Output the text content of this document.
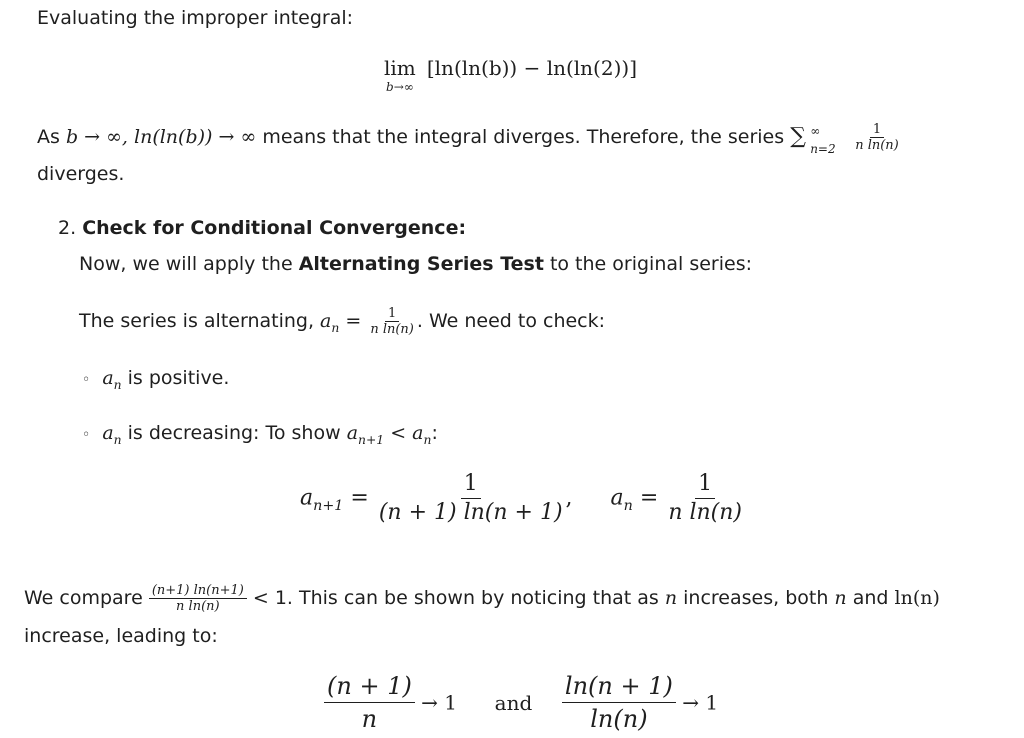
Evaluating the improper integral:
lim
b→∞
[ln(ln(b)) − ln(ln(2))]
As b → ∞, ln(ln(b)) → ∞ means that the integral diverges. Therefore, the series ∑ ∞
$n=2 \frac{1}{\text{n ln(n)}}$
diverges.
2. Check for Conditional Convergence:
Now, we will apply the Alternating Series Test to the original series:
The series is alternating, $a_n = \frac{1}{\text{n ln(n)}}$ . We need to check:
◦ $a_n$ is positive.
◦ $a_n$ is decreasing: To show $a_{n+1} < a_n$:
$a_{n+1} = \frac{1}{(n + 1) \ln(n + 1)}$ , $a_n = \frac{1}{\text{n ln(n)}}$
We compare $\frac{(n+1) \ln(n+1)}{\text{n ln(n)}} < 1$. This can be shown by noticing that as n increases, both n and ln(n)
increase, leading to:
$\frac{(n + 1)}{n} \to 1$ and $\frac{\ln(n + 1)}{\ln(n)} \to 1$
